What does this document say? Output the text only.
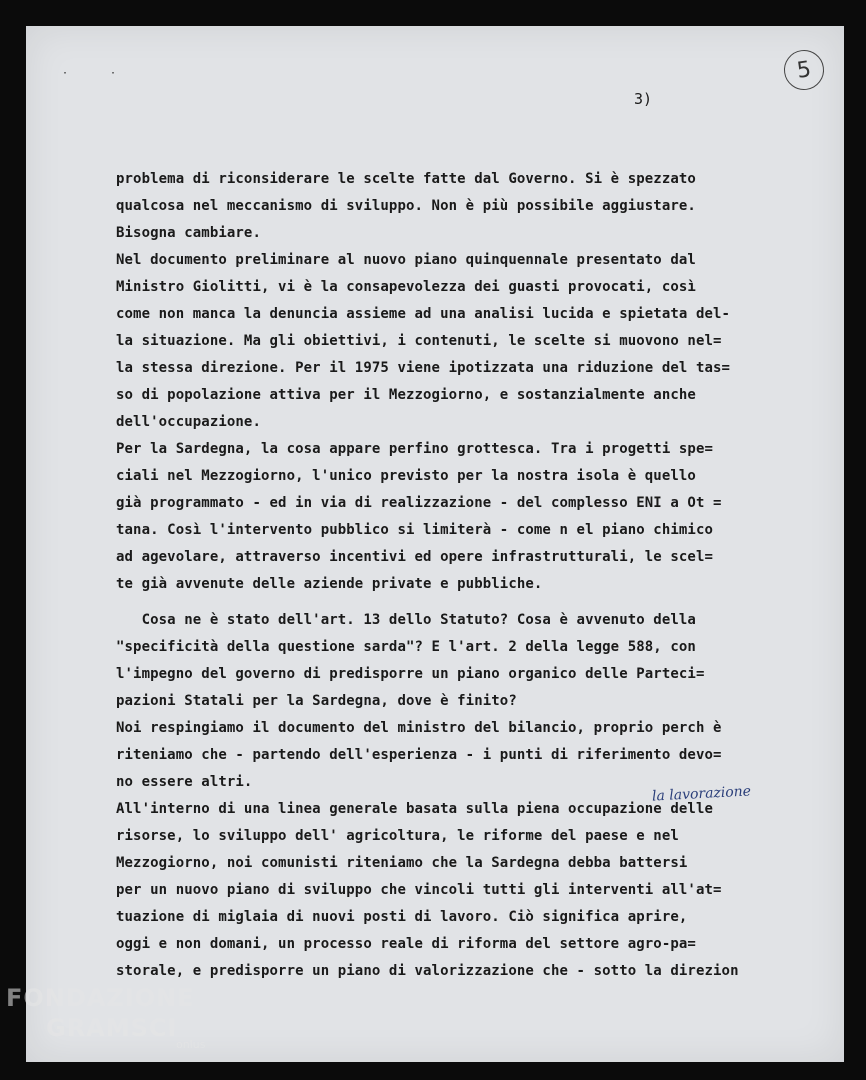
· ·	5
3)
problema di riconsiderare le scelte fatte dal Governo. Si è spezzato
qualcosa nel meccanismo di sviluppo. Non è più possibile aggiustare.
Bisogna cambiare.
Nel documento preliminare al nuovo piano quinquennale presentato dal
Ministro Giolitti, vi è la consapevolezza dei guasti provocati, così
come non manca la denuncia assieme ad una analisi lucida e spietata del-
la situazione. Ma gli obiettivi, i contenuti, le scelte si muovono nel=
la stessa direzione. Per il 1975 viene ipotizzata una riduzione del tas=
so di popolazione attiva per il Mezzogiorno, e sostanzialmente anche
dell'occupazione.
Per la Sardegna, la cosa appare perfino grottesca. Tra i progetti spe=
ciali nel Mezzogiorno, l'unico previsto per la nostra isola è quello
già programmato - ed in via di realizzazione - del complesso ENI a Ot =
tana. Così l'intervento pubblico si limiterà - come n el piano chimico
ad agevolare, attraverso incentivi ed opere infrastrutturali, le scel=
te già avvenute delle aziende private e pubbliche.
Cosa ne è stato dell'art. 13 dello Statuto? Cosa è avvenuto della
"specificità della questione sarda"? E l'art. 2 della legge 588, con
l'impegno del governo di predisporre un piano organico delle Parteci=
pazioni Statali per la Sardegna, dove è finito?
Noi respingiamo il documento del ministro del bilancio, proprio perch è
riteniamo che - partendo dell'esperienza - i punti di riferimento devo=
no essere altri.
All'interno di una linea generale basata sulla piena occupazione delle
risorse, lo sviluppo dell' agricoltura, le riforme del paese e nel
Mezzogiorno, noi comunisti riteniamo che la Sardegna debba battersi
per un nuovo piano di sviluppo che vincoli tutti gli interventi all'at=
tuazione di miglaia di nuovi posti di lavoro. Ciò significa aprire,
oggi e non domani, un processo reale di riforma del settore agro-pa=
storale, e predisporre un piano di valorizzazione che - sotto la direzion
la lavorazione
FONDAZIONE
GRAMSCI
onlus
